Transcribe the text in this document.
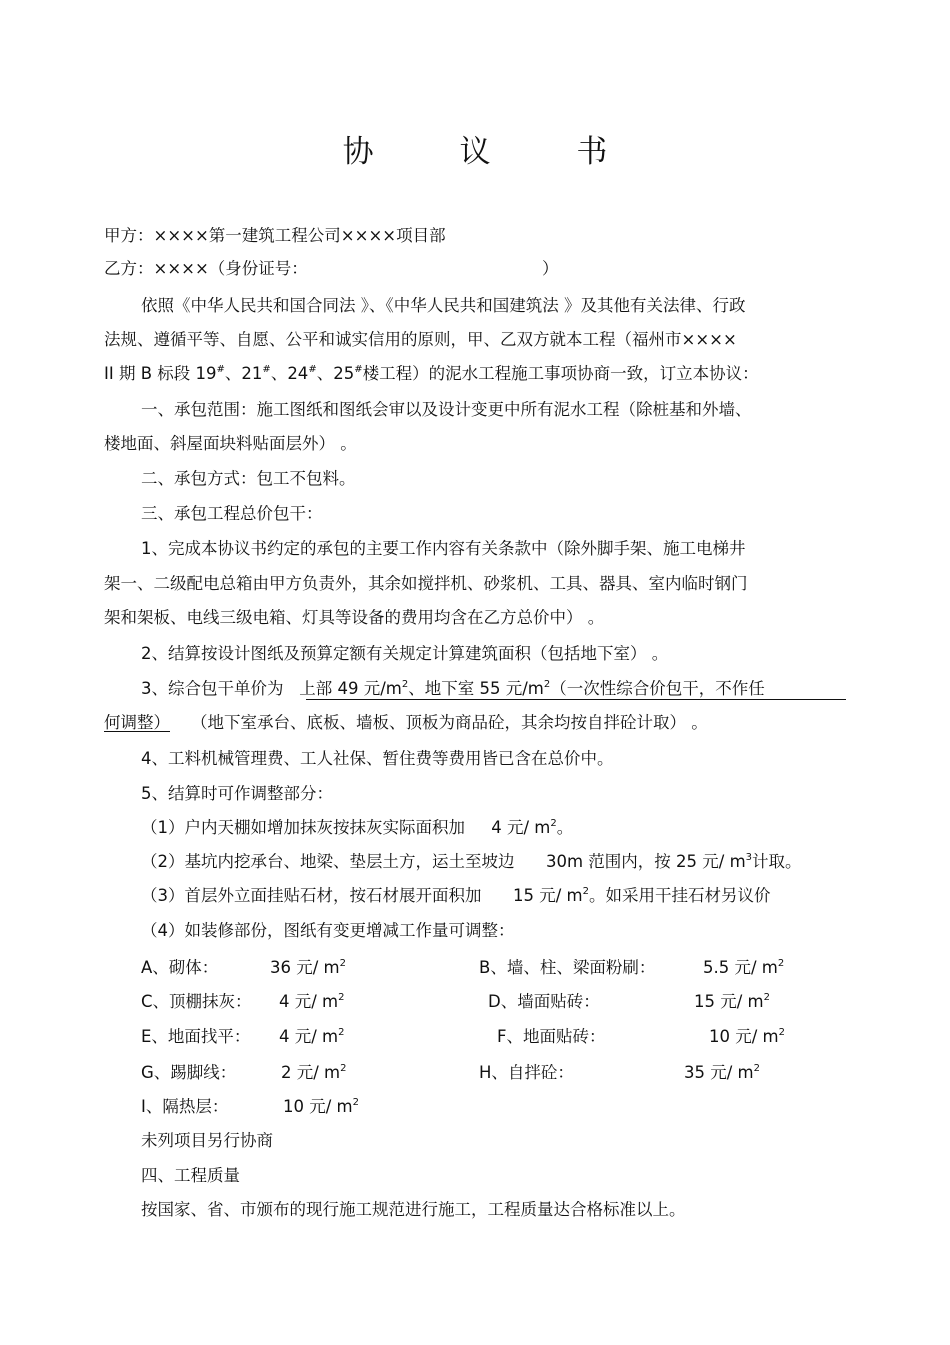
协 议 书
甲方：××××第一建筑工程公司××××项目部
乙方：××××（身份证号：	）
依照《中华人民共和国合同法 》、《中华人民共和国建筑法 》及其他有关法律、行政
法规、遵循平等、自愿、公平和诚实信用的原则，甲、乙双方就本工程（福州市××××
II 期 B 标段 19#、21#、24#、25#楼工程）的泥水工程施工事项协商一致，订立本协议：
一、承包范围：施工图纸和图纸会审以及设计变更中所有泥水工程（除桩基和外墙、
楼地面、斜屋面块料贴面层外） 。
二、承包方式：包工不包料。
三、承包工程总价包干：
1、完成本协议书约定的承包的主要工作内容有关条款中（除外脚手架、施工电梯井
架一、二级配电总箱由甲方负责外，其余如搅拌机、砂浆机、工具、器具、室内临时钢门
架和架板、电线三级电箱、灯具等设备的费用均含在乙方总价中） 。
2、结算按设计图纸及预算定额有关规定计算建筑面积（包括地下室） 。
3、综合包干单价为 上部 49 元$/m^2$、地下室 55 元$/m^2$（一次性综合价包干，不作任
何调整） （地下室承台、底板、墙板、顶板为商品砼，其余均按自拌砼计取） 。
4、工料机械管理费、工人社保、暂住费等费用皆已含在总价中。
5、结算时可作调整部分：
（1）户内天棚如增加抹灰按抹灰实际面积加 4 元/ $m^2$。
（2）基坑内挖承台、地梁、垫层土方，运土至坡边 30m 范围内，按 25 元/ $m^3$计取。
（3）首层外立面挂贴石材，按石材展开面积加 15 元/ $m^2$。如采用干挂石材另议价
（4）如装修部份，图纸有变更增减工作量可调整：
A、砌体：	36 元/ $m^2$	B、墙、柱、梁面粉刷：	5.5 元/ $m^2$
C、顶棚抹灰： 4 元/ $m^2$	D、墙面贴砖：	15 元/ $m^2$
E、地面找平： 4 元/ $m^2$	F、地面贴砖：	10 元/ $m^2$
G、踢脚线：	2 元/ $m^2$	H、自拌砼：	35 元/ $m^2$
I、隔热层：	10 元/ $m^2$
未列项目另行协商
四、工程质量
按国家、省、市颁布的现行施工规范进行施工，工程质量达合格标准以上。
